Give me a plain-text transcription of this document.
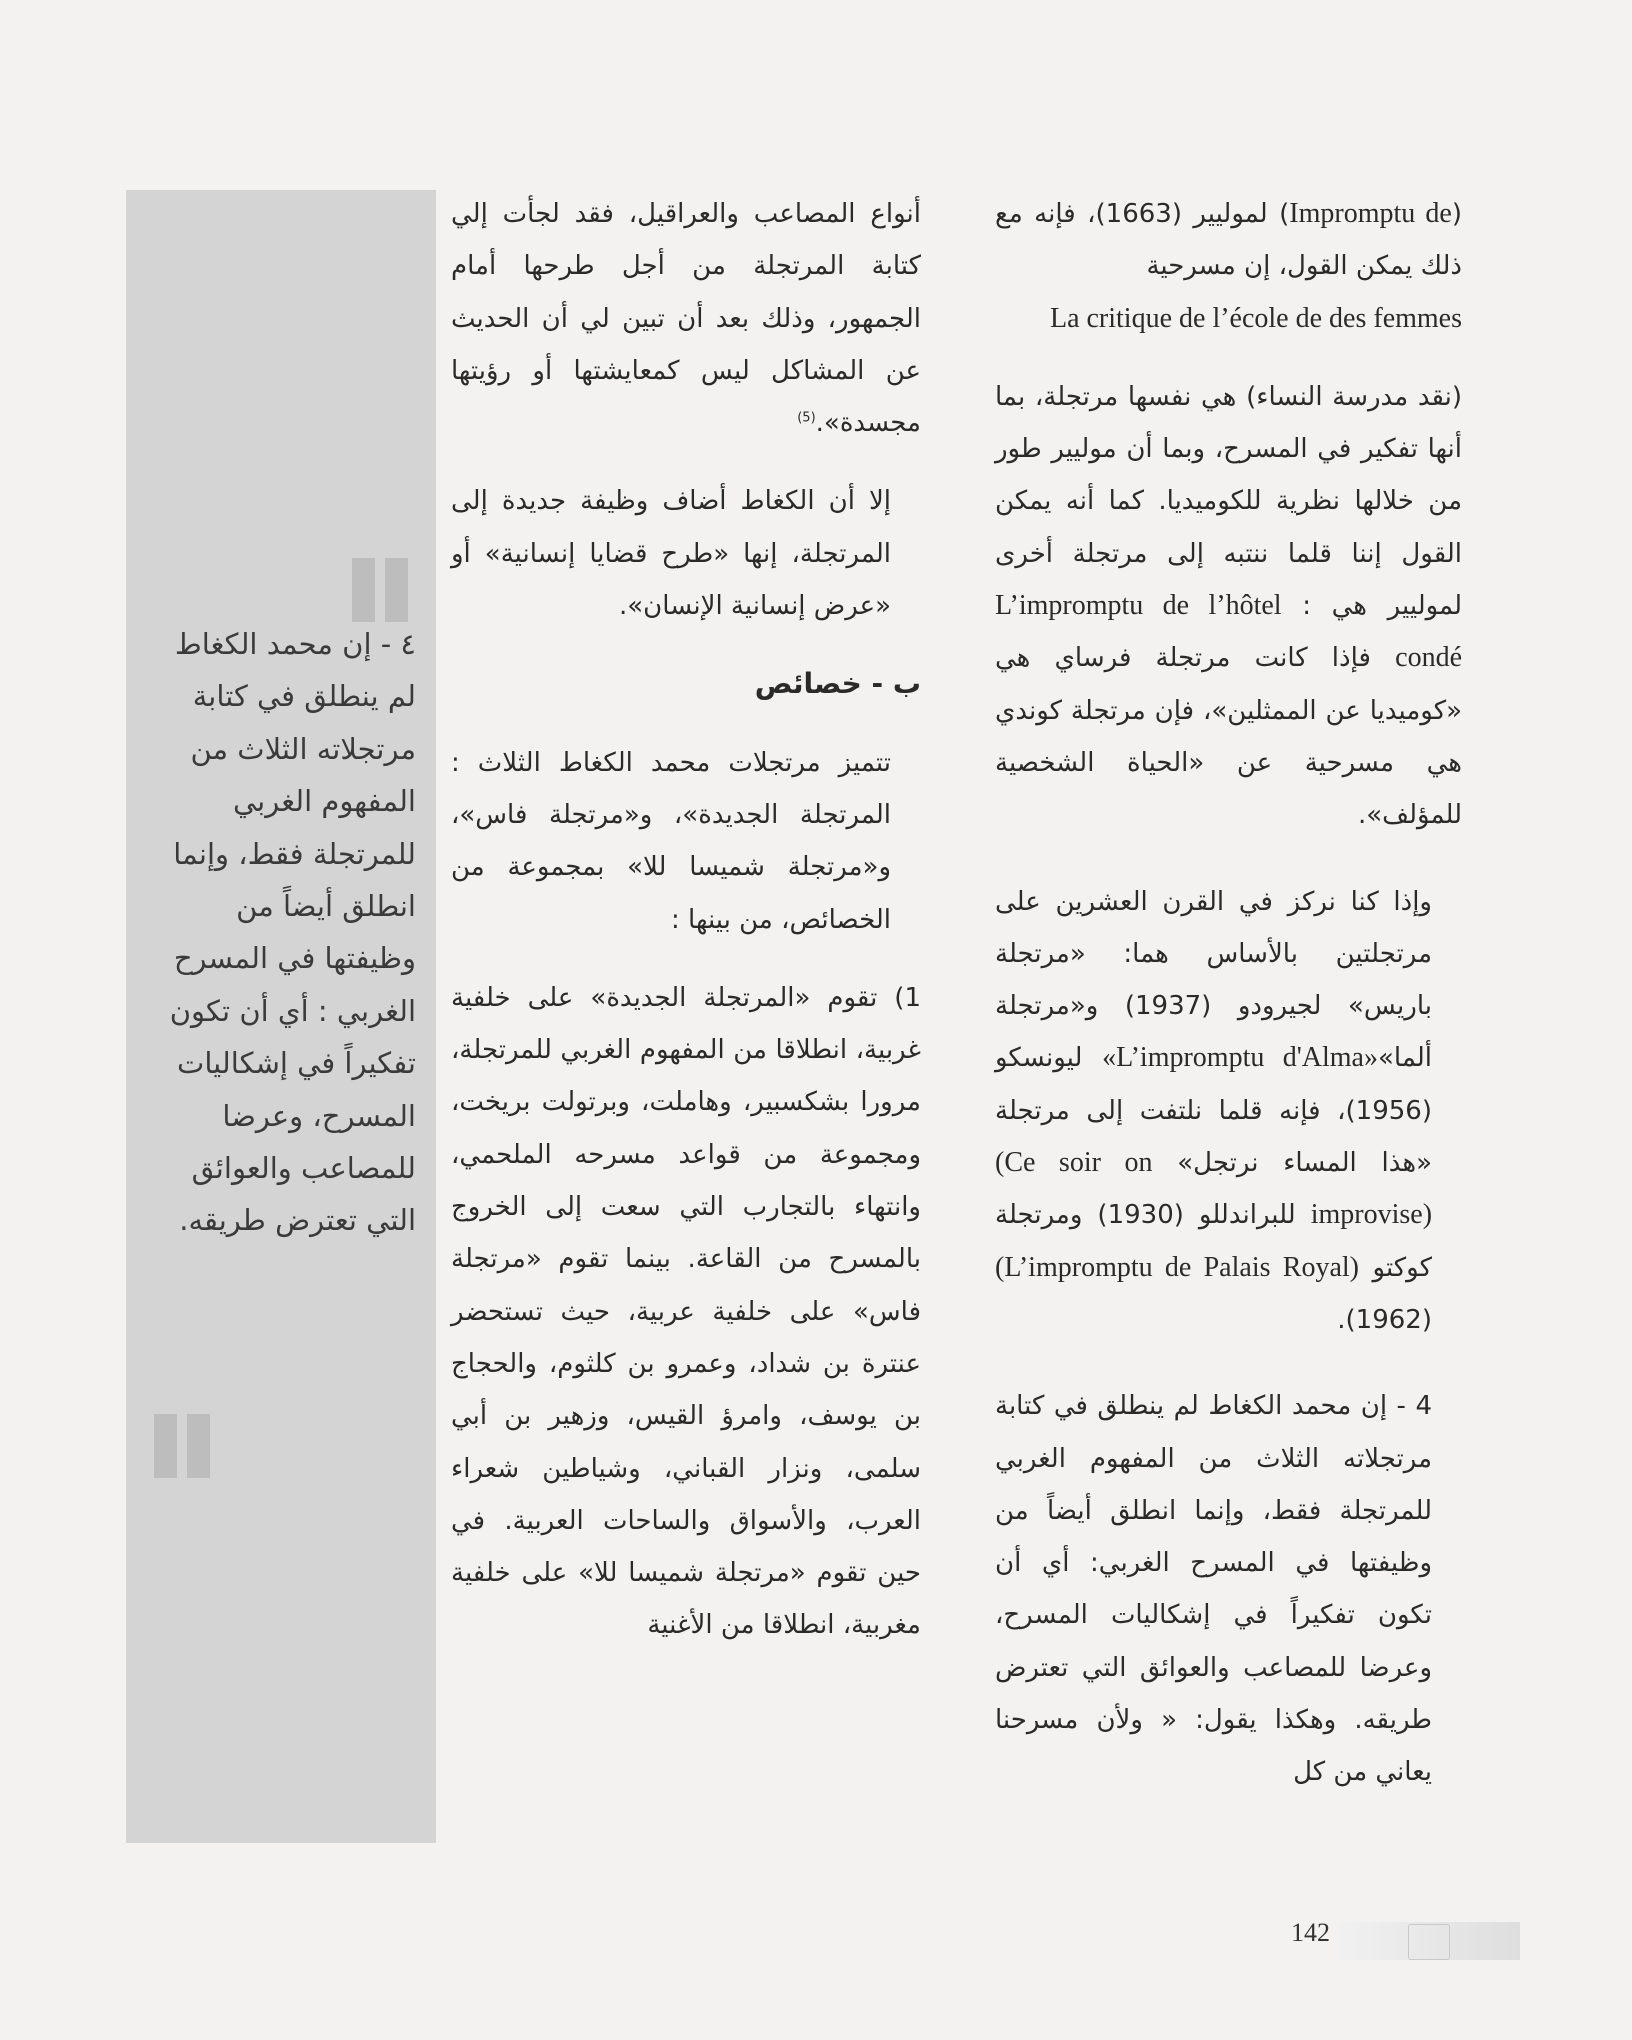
(Impromptu de) لموليير (1663)، فإنه مع ذلك يمكن القول، إن مسرحية

La critique de l’école de des femmes

(نقد مدرسة النساء) هي نفسها مرتجلة، بما أنها تفكير في المسرح، وبما أن موليير طور من خلالها نظرية للكوميديا. كما أنه يمكن القول إننا قلما ننتبه إلى مرتجلة أخرى لموليير هي : L’impromptu de l’hôtel condé فإذا كانت مرتجلة فرساي هي «كوميديا عن الممثلين»، فإن مرتجلة كوندي هي مسرحية عن «الحياة الشخصية للمؤلف».

وإذا كنا نركز في القرن العشرين على مرتجلتين بالأساس هما: «مرتجلة باريس» لجيرودو (1937) و«مرتجلة ألما»«L’impromptu d'Alma» ليونسكو (1956)، فإنه قلما نلتفت إلى مرتجلة «هذا المساء نرتجل» (Ce soir on improvise) للبراندللو (1930) ومرتجلة كوكتو (L’impromptu de Palais Royal) (1962).

4 - إن محمد الكغاط لم ينطلق في كتابة مرتجلاته الثلاث من المفهوم الغربي للمرتجلة فقط، وإنما انطلق أيضاً من وظيفتها في المسرح الغربي: أي أن تكون تفكيراً في إشكاليات المسرح، وعرضا للمصاعب والعوائق التي تعترض طريقه. وهكذا يقول: « ولأن مسرحنا يعاني من كل

أنواع المصاعب والعراقيل، فقد لجأت إلي كتابة المرتجلة من أجل طرحها أمام الجمهور، وذلك بعد أن تبين لي أن الحديث عن المشاكل ليس كمعايشتها أو رؤيتها مجسدة».$^{(5)}$

إلا أن الكغاط أضاف وظيفة جديدة إلى المرتجلة، إنها «طرح قضايا إنسانية» أو «عرض إنسانية الإنسان».

ب - خصائص

تتميز مرتجلات محمد الكغاط الثلاث : المرتجلة الجديدة»، و«مرتجلة فاس»، و«مرتجلة شميسا للا» بمجموعة من الخصائص، من بينها :

1) تقوم «المرتجلة الجديدة» على خلفية غربية، انطلاقا من المفهوم الغربي للمرتجلة، مرورا بشكسبير، وهاملت، وبرتولت بريخت، ومجموعة من قواعد مسرحه الملحمي، وانتهاء بالتجارب التي سعت إلى الخروج بالمسرح من القاعة. بينما تقوم «مرتجلة فاس» على خلفية عربية، حيث تستحضر عنترة بن شداد، وعمرو بن كلثوم، والحجاج بن يوسف، وامرؤ القيس، وزهير بن أبي سلمى، ونزار القباني، وشياطين شعراء العرب، والأسواق والساحات العربية. في حين تقوم «مرتجلة شميسا للا» على خلفية مغربية، انطلاقا من الأغنية

٤ - إن محمد الكغاط لم ينطلق في كتابة مرتجلاته الثلاث من المفهوم الغربي للمرتجلة فقط، وإنما انطلق أيضاً من وظيفتها في المسرح الغربي : أي أن تكون تفكيراً في إشكاليات المسرح، وعرضا للمصاعب والعوائق التي تعترض طريقه.
142
